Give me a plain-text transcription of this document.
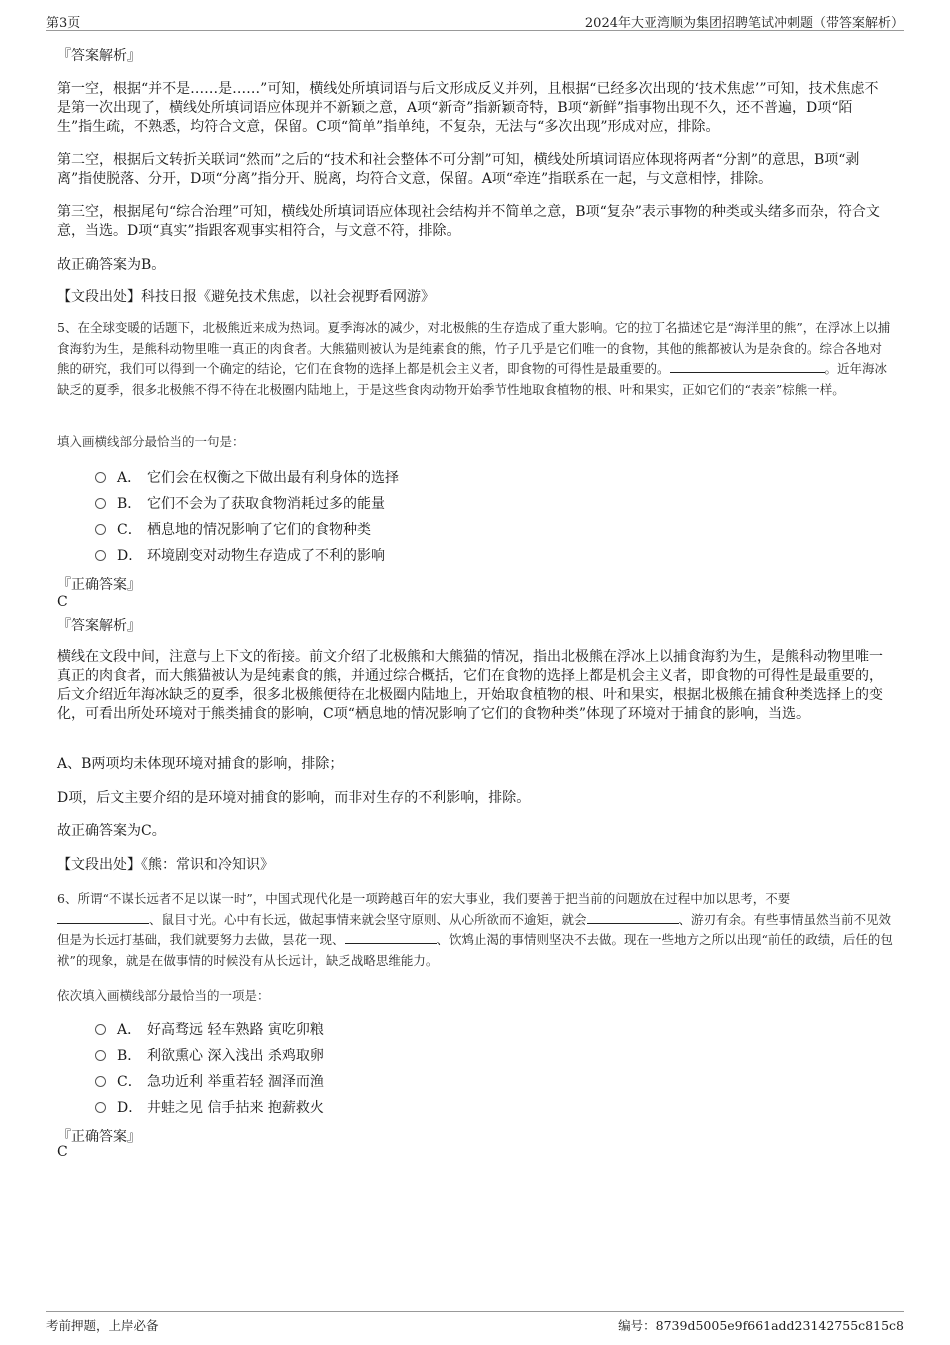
第3页	2024年大亚湾顺为集团招聘笔试冲刺题（带答案解析）

『答案解析』

第一空，根据“并不是……是……”可知，横线处所填词语与后文形成反义并列，且根据“已经多次出现的‘技术焦虑’”可知，技术焦虑不是第一次出现了，横线处所填词语应体现并不新颖之意，A项“新奇”指新颖奇特，B项“新鲜”指事物出现不久，还不普遍，D项“陌生”指生疏，不熟悉，均符合文意，保留。C项“简单”指单纯，不复杂，无法与“多次出现”形成对应，排除。

第二空，根据后文转折关联词“然而”之后的“技术和社会整体不可分割”可知，横线处所填词语应体现将两者“分割”的意思，B项“剥离”指使脱落、分开，D项“分离”指分开、脱离，均符合文意，保留。A项“牵连”指联系在一起，与文意相悖，排除。

第三空，根据尾句“综合治理”可知，横线处所填词语应体现社会结构并不简单之意，B项“复杂”表示事物的种类或头绪多而杂，符合文意，当选。D项“真实”指跟客观事实相符合，与文意不符，排除。

故正确答案为B。

【文段出处】科技日报《避免技术焦虑，以社会视野看网游》

5、在全球变暖的话题下，北极熊近来成为热词。夏季海冰的减少，对北极熊的生存造成了重大影响。它的拉丁名描述它是“海洋里的熊”，在浮冰上以捕食海豹为生，是熊科动物里唯一真正的肉食者。大熊猫则被认为是纯素食的熊，竹子几乎是它们唯一的食物，其他的熊都被认为是杂食的。综合各地对熊的研究，我们可以得到一个确定的结论，它们在食物的选择上都是机会主义者，即食物的可得性是最重要的。	。近年海冰缺乏的夏季，很多北极熊不得不待在北极圈内陆地上，于是这些食肉动物开始季节性地取食植物的根、叶和果实，正如它们的“表亲”棕熊一样。

填入画横线部分最恰当的一句是：

A． 它们会在权衡之下做出最有利身体的选择
B． 它们不会为了获取食物消耗过多的能量
C． 栖息地的情况影响了它们的食物种类
D． 环境剧变对动物生存造成了不利的影响

『正确答案』

C

『答案解析』

横线在文段中间，注意与上下文的衔接。前文介绍了北极熊和大熊猫的情况，指出北极熊在浮冰上以捕食海豹为生，是熊科动物里唯一真正的肉食者，而大熊猫被认为是纯素食的熊，并通过综合概括，它们在食物的选择上都是机会主义者，即食物的可得性是最重要的，后文介绍近年海冰缺乏的夏季，很多北极熊便待在北极圈内陆地上，开始取食植物的根、叶和果实，根据北极熊在捕食种类选择上的变化，可看出所处环境对于熊类捕食的影响，C项“栖息地的情况影响了它们的食物种类”体现了环境对于捕食的影响，当选。

A、B两项均未体现环境对捕食的影响，排除；

D项，后文主要介绍的是环境对捕食的影响，而非对生存的不利影响，排除。

故正确答案为C。

【文段出处】《熊：常识和冷知识》

6、所谓“不谋长远者不足以谋一时”，中国式现代化是一项跨越百年的宏大事业，我们要善于把当前的问题放在过程中加以思考，不要
、鼠目寸光。心中有长远，做起事情来就会坚守原则、从心所欲而不逾矩，就会	、游刃有余。有些事情虽然当前不见效但是为长远打基础，我们就要努力去做，昙花一现、	、饮鸩止渴的事情则坚决不去做。现在一些地方之所以出现“前任的政绩，后任的包袱”的现象，就是在做事情的时候没有从长远计，缺乏战略思维能力。

依次填入画横线部分最恰当的一项是：

A． 好高骛远 轻车熟路 寅吃卯粮
B． 利欲熏心 深入浅出 杀鸡取卵
C． 急功近利 举重若轻 涸泽而渔
D． 井蛙之见 信手拈来 抱薪救火

『正确答案』

C

考前押题，上岸必备	编号：8739d5005e9f661add23142755c815c8
